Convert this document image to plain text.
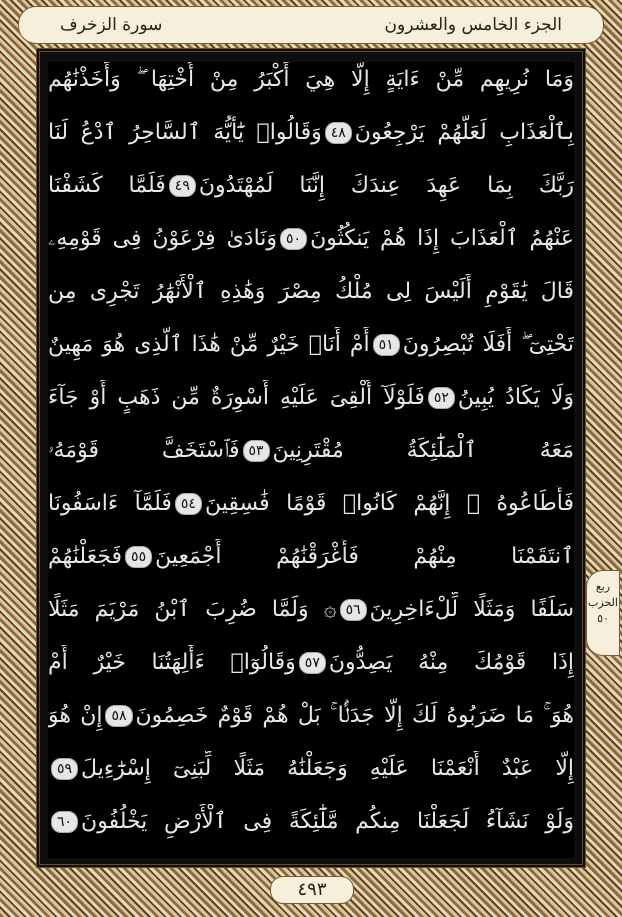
سورة الزخرف	الجزء الخامس والعشرون
وَمَا نُرِيهِم مِّنْ ءَايَةٍ إِلَّا هِيَ أَكْبَرُ مِنْ أُخْتِهَا ۖ وَأَخَذْنَٰهُم
بِٱلْعَذَابِ لَعَلَّهُمْ يَرْجِعُونَ٤٨وَقَالُوا۟ يَٰٓأَيُّهَ ٱلسَّاحِرُ ٱدْعُ لَنَا
رَبَّكَ بِمَا عَهِدَ عِندَكَ إِنَّنَا لَمُهْتَدُونَ٤٩فَلَمَّا كَشَفْنَا
عَنْهُمُ ٱلْعَذَابَ إِذَا هُمْ يَنكُثُونَ٥٠وَنَادَىٰ فِرْعَوْنُ فِى قَوْمِهِۦ
قَالَ يَٰقَوْمِ أَلَيْسَ لِى مُلْكُ مِصْرَ وَهَٰذِهِ ٱلْأَنْهَٰرُ تَجْرِى مِن
تَحْتِىٓ ۖ أَفَلَا تُبْصِرُونَ٥١أَمْ أَنَا۠ خَيْرٌ مِّنْ هَٰذَا ٱلَّذِى هُوَ مَهِينٌ
وَلَا يَكَادُ يُبِينُ٥٢فَلَوْلَآ أُلْقِىَ عَلَيْهِ أَسْوِرَةٌ مِّن ذَهَبٍ أَوْ جَآءَ
مَعَهُ ٱلْمَلَٰٓئِكَةُ مُقْتَرِنِينَ٥٣فَٱسْتَخَفَّ قَوْمَهُۥ
فَأَطَاعُوهُ ۚ إِنَّهُمْ كَانُوا۟ قَوْمًا فَٰسِقِينَ٥٤فَلَمَّآ ءَاسَفُونَا
ٱنتَقَمْنَا مِنْهُمْ فَأَغْرَقْنَٰهُمْ أَجْمَعِينَ٥٥فَجَعَلْنَٰهُمْ
سَلَفًا وَمَثَلًا لِّلْءَاخِرِينَ٥٦۞ وَلَمَّا ضُرِبَ ٱبْنُ مَرْيَمَ مَثَلًا
إِذَا قَوْمُكَ مِنْهُ يَصِدُّونَ٥٧وَقَالُوٓا۟ ءَأَٰلِهَتُنَا خَيْرٌ أَمْ
هُوَ ۚ مَا ضَرَبُوهُ لَكَ إِلَّا جَدَلًۢا ۚ بَلْ هُمْ قَوْمٌ خَصِمُونَ٥٨إِنْ هُوَ
إِلَّا عَبْدٌ أَنْعَمْنَا عَلَيْهِ وَجَعَلْنَٰهُ مَثَلًا لِّبَنِىٓ إِسْرَٰٓءِيلَ٥٩
وَلَوْ نَشَآءُ لَجَعَلْنَا مِنكُم مَّلَٰٓئِكَةً فِى ٱلْأَرْضِ يَخْلُفُونَ٦٠
ربع
الحزب
٥٠
٤٩٣
